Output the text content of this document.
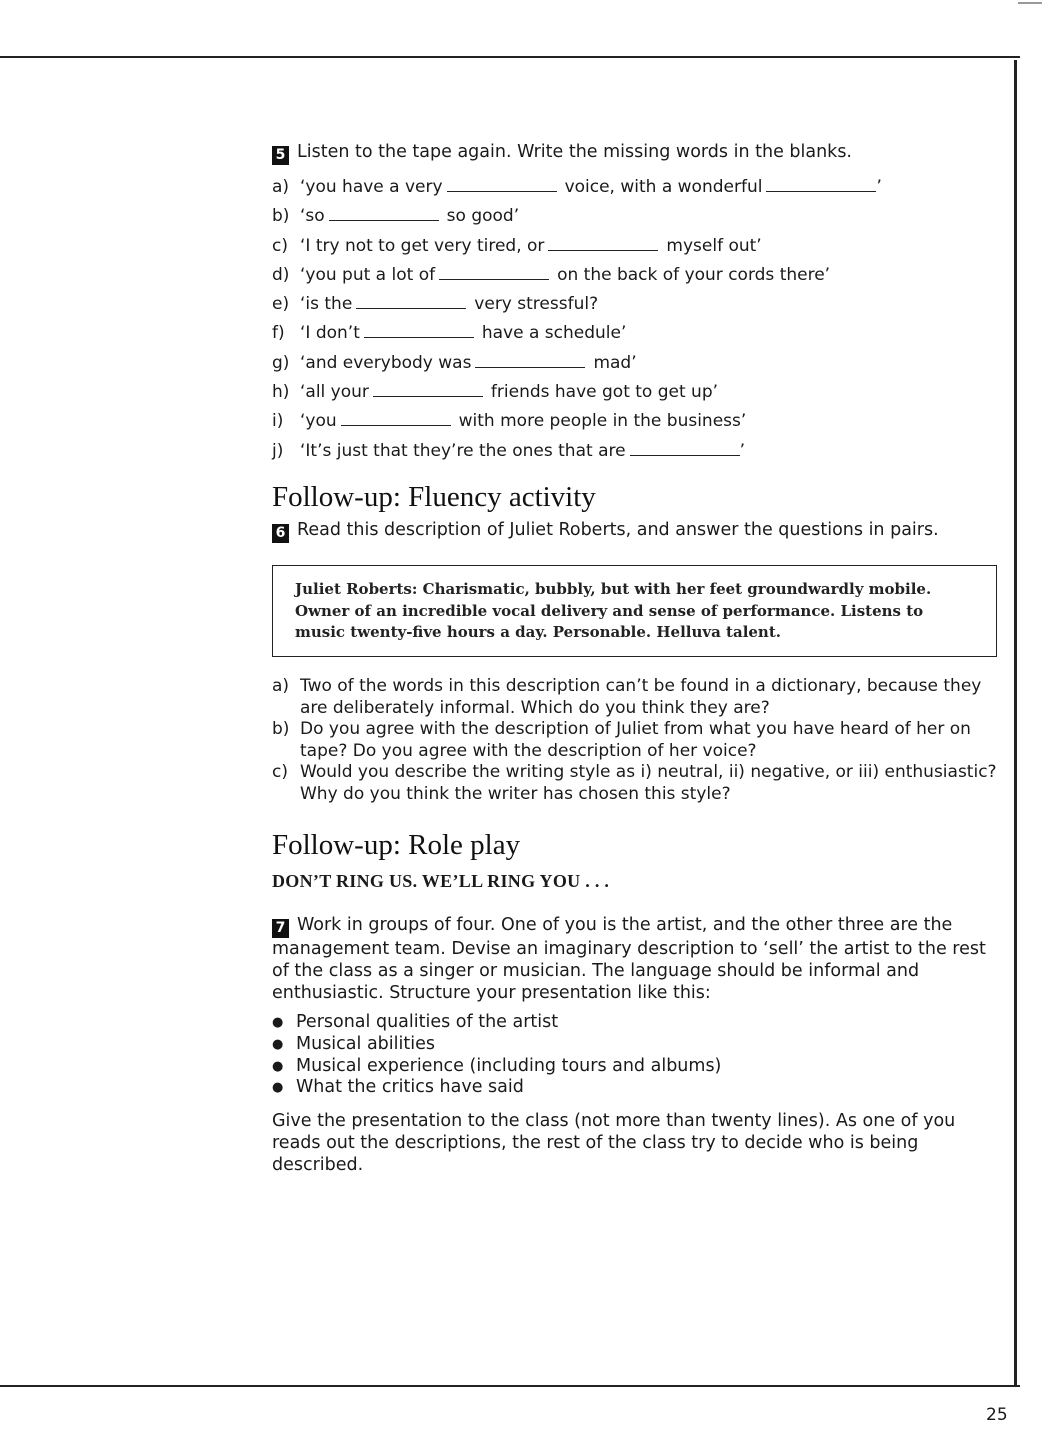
5 Listen to the tape again. Write the missing words in the blanks.
a) ‘you have a very	voice, with a wonderful	’
b) ‘so	so good’
c) ‘I try not to get very tired, or	myself out’
d) ‘you put a lot of	on the back of your cords there’
e) ‘is the	very stressful?
f) ‘I don’t	have a schedule’
g) ‘and everybody was	mad’
h) ‘all your	friends have got to get up’
i) ‘you	with more people in the business’
j) ‘It’s just that they’re the ones that are	’
Follow-up: Fluency activity
6 Read this description of Juliet Roberts, and answer the questions in pairs.
Juliet Roberts: Charismatic, bubbly, but with her feet groundwardly mobile. Owner of an incredible vocal delivery and sense of performance. Listens to music twenty-five hours a day. Personable. Helluva talent.
a) Two of the words in this description can’t be found in a dictionary, because they are deliberately informal. Which do you think they are?
b) Do you agree with the description of Juliet from what you have heard of her on tape? Do you agree with the description of her voice?
c) Would you describe the writing style as i) neutral, ii) negative, or iii) enthusiastic? Why do you think the writer has chosen this style?
Follow-up: Role play
DON’T RING US. WE’LL RING YOU . . .
7 Work in groups of four. One of you is the artist, and the other three are the management team. Devise an imaginary description to ‘sell’ the artist to the rest of the class as a singer or musician. The language should be informal and enthusiastic. Structure your presentation like this:
● Personal qualities of the artist
● Musical abilities
● Musical experience (including tours and albums)
● What the critics have said
Give the presentation to the class (not more than twenty lines). As one of you reads out the descriptions, the rest of the class try to decide who is being described.
25
